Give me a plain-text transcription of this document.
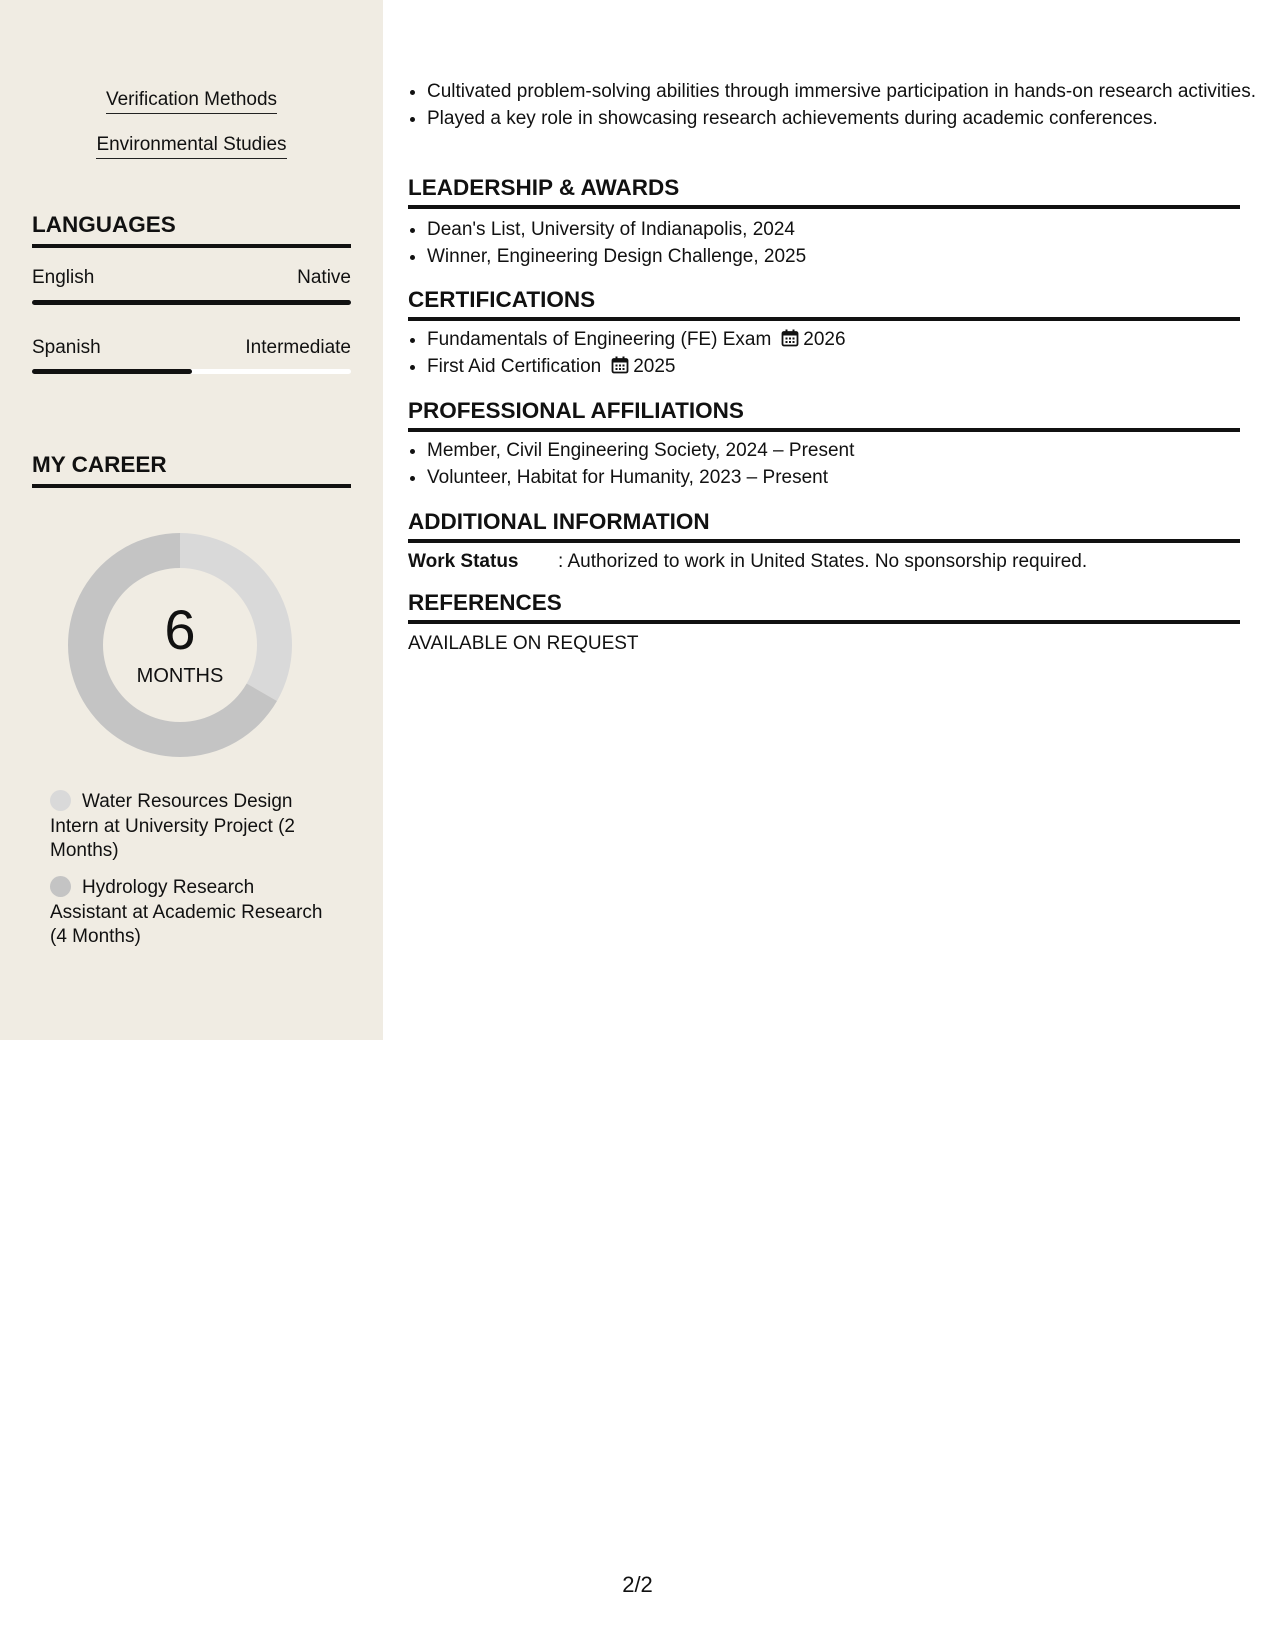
Verification Methods
Environmental Studies
LANGUAGES
English	Native
Spanish	Intermediate
MY CAREER
6
MONTHS
Water Resources Design Intern at University Project (2 Months)
Hydrology Research Assistant at Academic Research (4 Months)
• Cultivated problem-solving abilities through immersive participation in hands-on research activities.
• Played a key role in showcasing research achievements during academic conferences.
LEADERSHIP & AWARDS
• Dean's List, University of Indianapolis, 2024
• Winner, Engineering Design Challenge, 2025
CERTIFICATIONS
• Fundamentals of Engineering (FE) Exam 2026
• First Aid Certification 2025
PROFESSIONAL AFFILIATIONS
• Member, Civil Engineering Society, 2024 – Present
• Volunteer, Habitat for Humanity, 2023 – Present
ADDITIONAL INFORMATION
Work Status : Authorized to work in United States. No sponsorship required.
REFERENCES
AVAILABLE ON REQUEST
2/2
